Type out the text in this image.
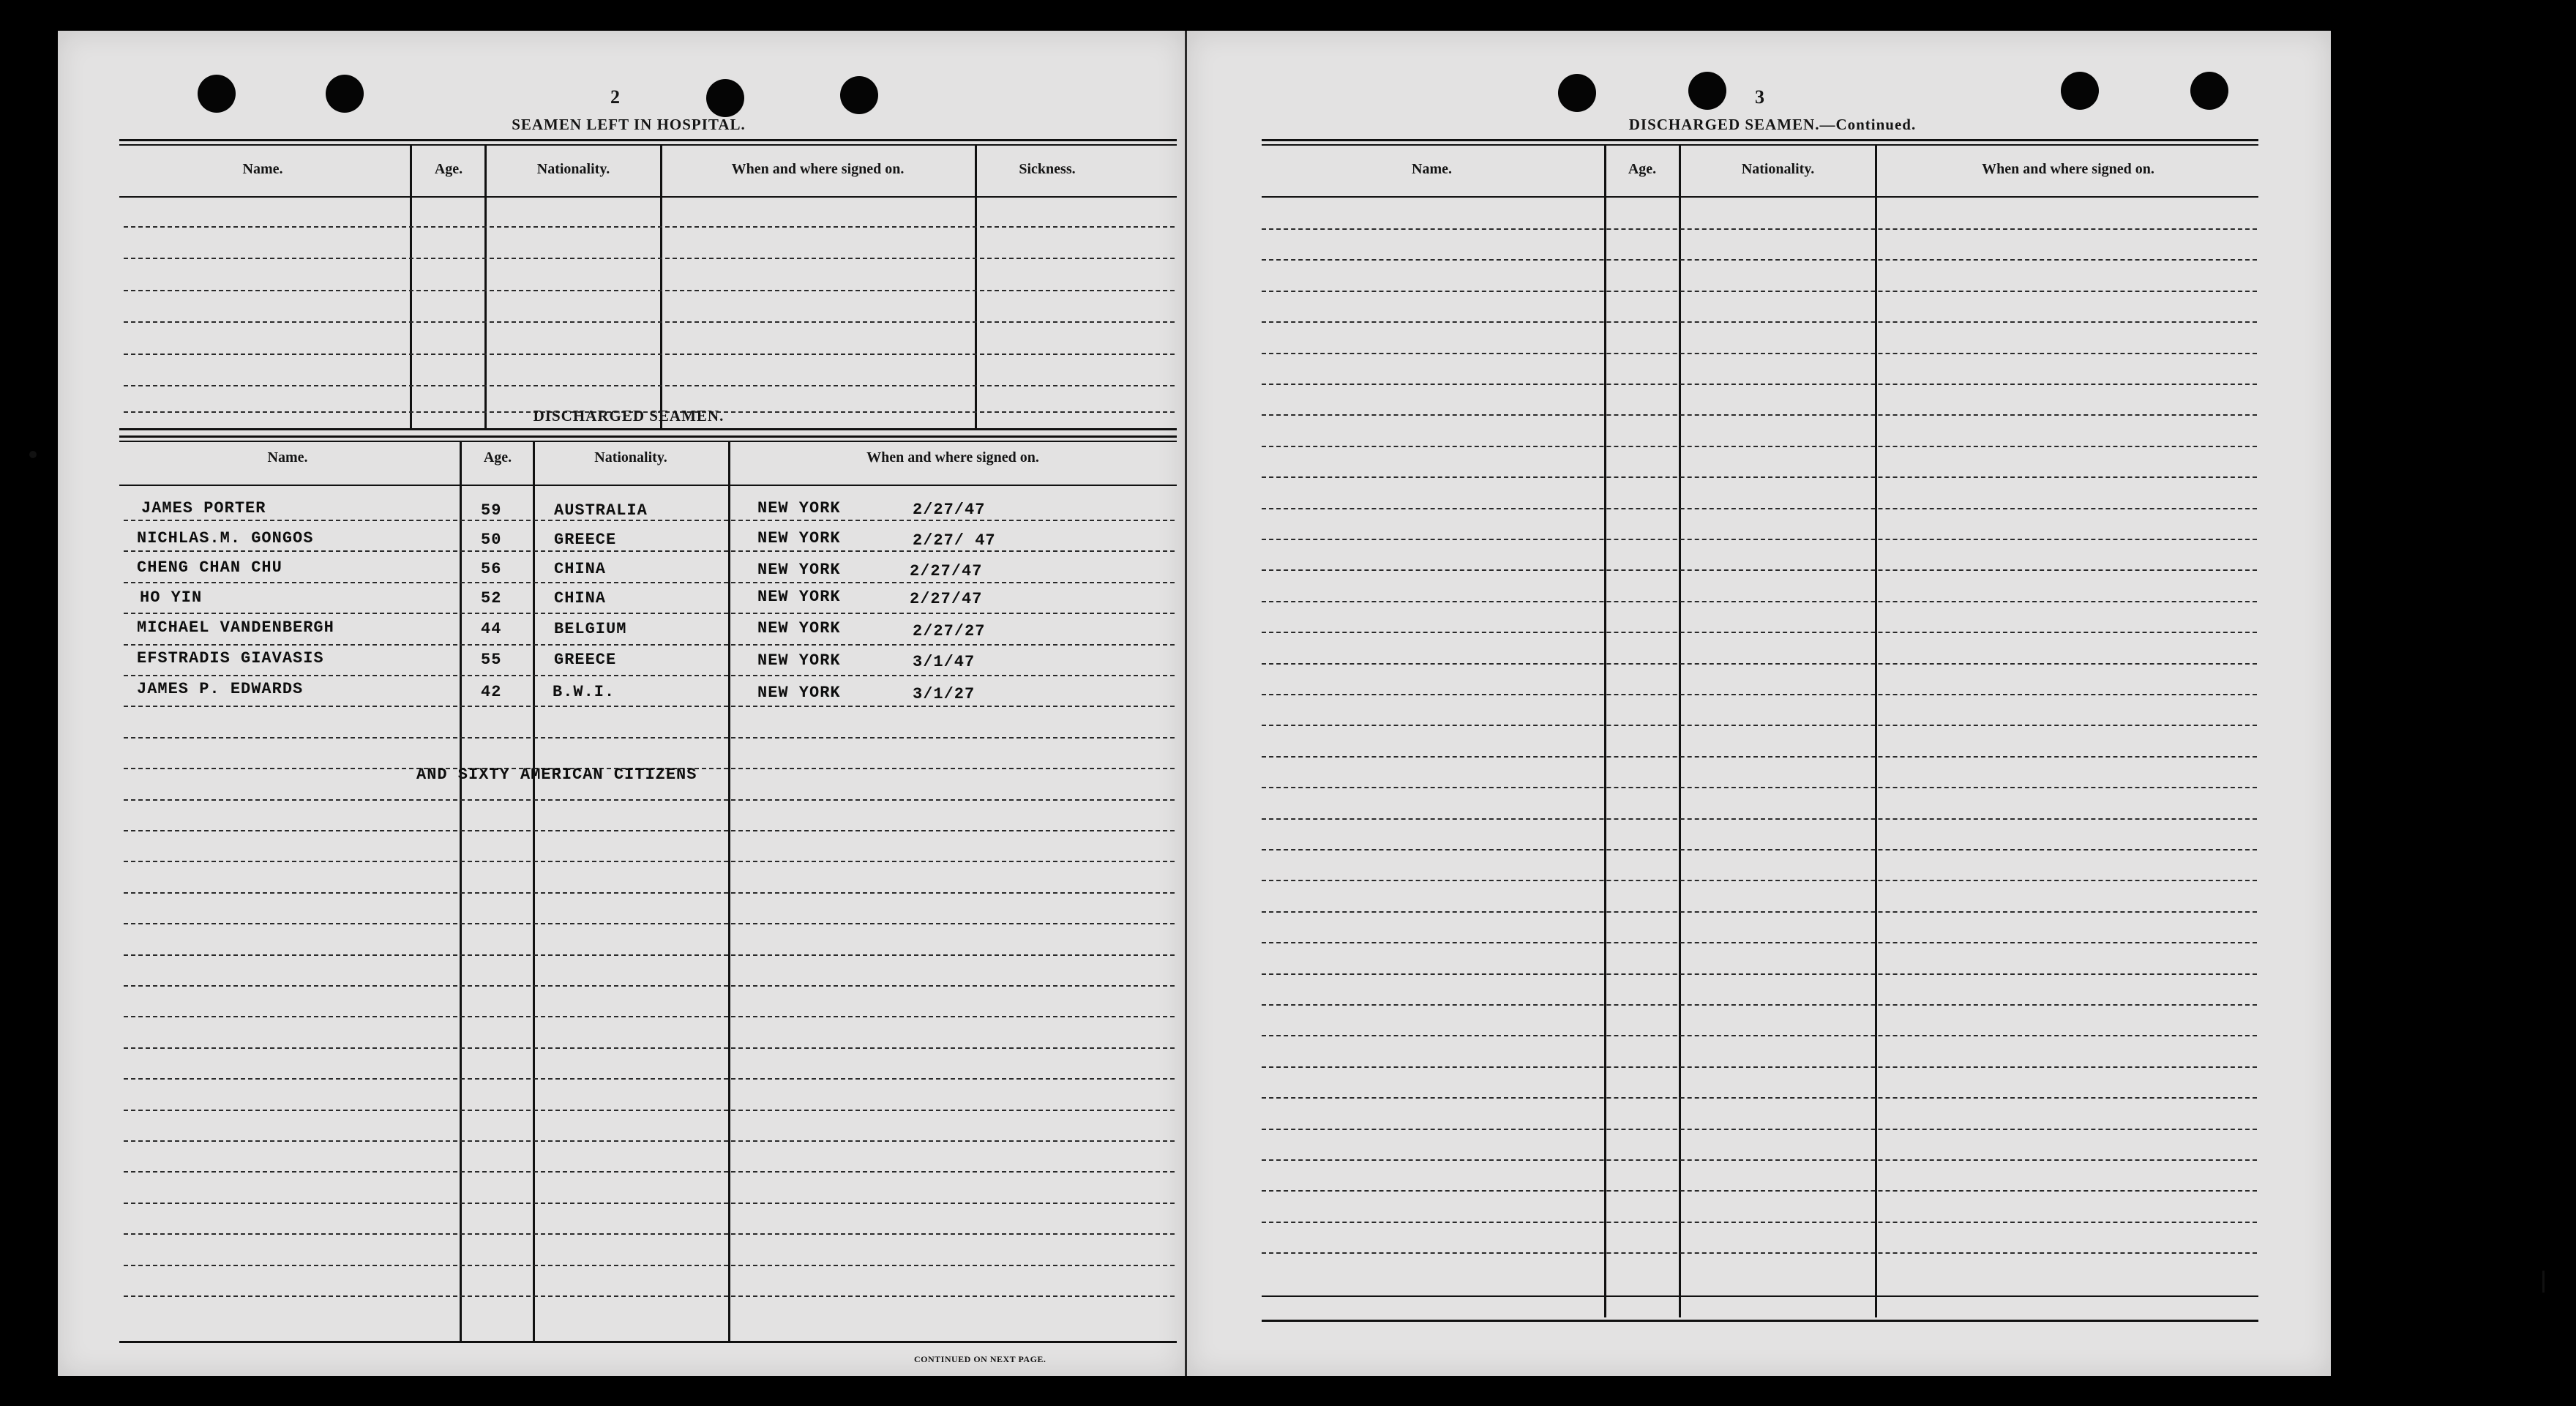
2
SEAMEN LEFT IN HOSPITAL.
Name.	Age.	Nationality.	When and where signed on.	Sickness.
DISCHARGED SEAMEN.
Name.	Age.	Nationality.	When and where signed on.
JAMES PORTER	59	AUSTRALIA	NEW YORK	2/27/47
NICHLAS.M. GONGOS	50	GREECE	NEW YORK	2/27/ 47
CHENG CHAN CHU	56	CHINA	NEW YORK	2/27/47
HO YIN	52	CHINA	NEW YORK	2/27/47
MICHAEL VANDENBERGH	44	BELGIUM	NEW YORK	2/27/27
EFSTRADIS GIAVASIS	55	GREECE	NEW YORK	3/1/47
JAMES P. EDWARDS	42	B.W.I.	NEW YORK	3/1/27
AND SIXTY AMERICAN CITIZENS
CONTINUED ON NEXT PAGE.
3
DISCHARGED SEAMEN.—Continued.
Name.	Age.	Nationality.	When and where signed on.
